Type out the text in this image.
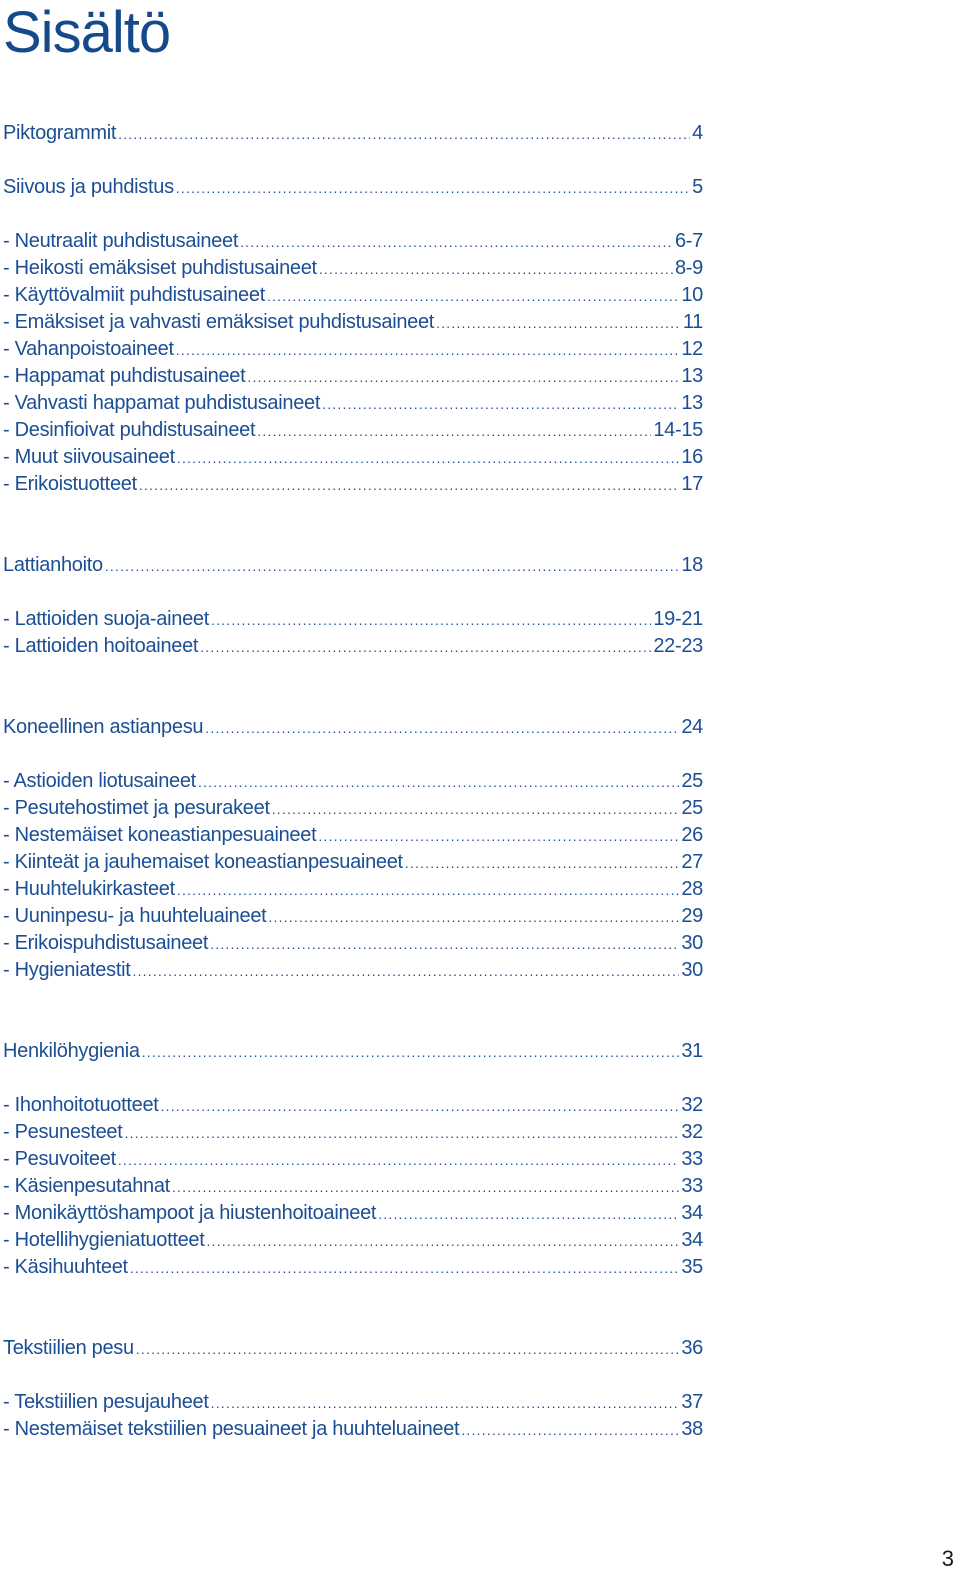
Sisältö
Piktogrammit .....	4
Siivous ja puhdistus .....	5
- Neutraalit puhdistusaineet .....	6-7
- Heikosti emäksiset puhdistusaineet .....	8-9
- Käyttövalmiit puhdistusaineet .....	10
- Emäksiset ja vahvasti emäksiset puhdistusaineet .....	11
- Vahanpoistoaineet .....	12
- Happamat puhdistusaineet .....	13
- Vahvasti happamat puhdistusaineet .....	13
- Desinfioivat puhdistusaineet .....	14-15
- Muut siivousaineet .....	16
- Erikoistuotteet .....	17
Lattianhoito .....	18
- Lattioiden suoja-aineet .....	19-21
- Lattioiden hoitoaineet .....	22-23
Koneellinen astianpesu .....	24
- Astioiden liotusaineet .....	25
- Pesutehostimet ja pesurakeet .....	25
- Nestemäiset koneastianpesuaineet .....	26
- Kiinteät ja jauhemaiset koneastianpesuaineet .....	27
- Huuhtelukirkasteet .....	28
- Uuninpesu- ja huuhteluaineet .....	29
- Erikoispuhdistusaineet .....	30
- Hygieniatestit .....	30
Henkilöhygienia .....	31
- Ihonhoitotuotteet .....	32
- Pesunesteet .....	32
- Pesuvoiteet .....	33
- Käsienpesutahnat .....	33
- Monikäyttöshampoot ja hiustenhoitoaineet .....	34
- Hotellihygieniatuotteet .....	34
- Käsihuuhteet .....	35
Tekstiilien pesu .....	36
- Tekstiilien pesujauheet .....	37
- Nestemäiset tekstiilien pesuaineet ja huuhteluaineet .....	38
3
